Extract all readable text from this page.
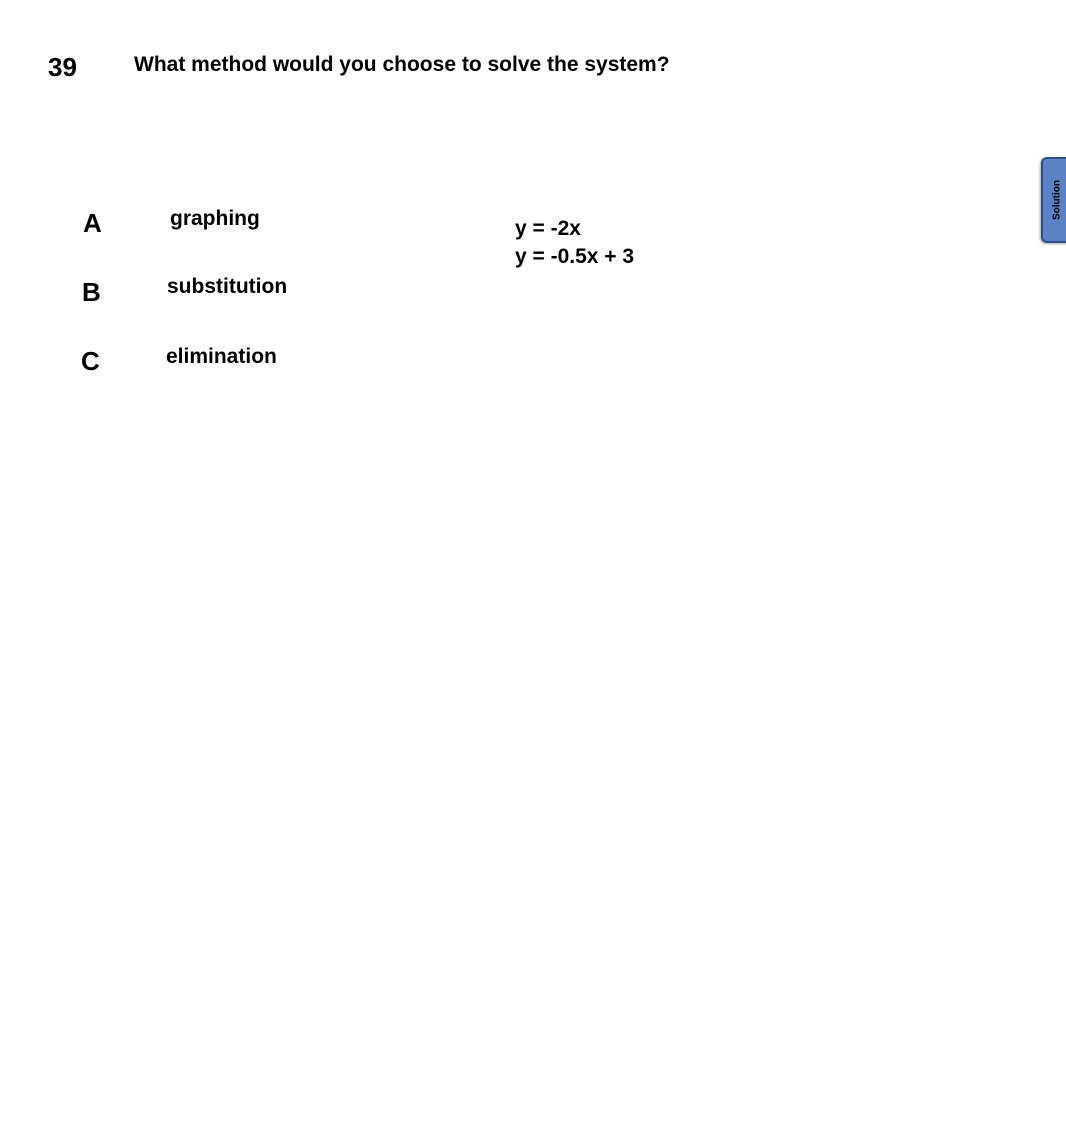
39	What method would you choose to solve the system?
A	graphing
B	substitution
C	elimination
y = -2x
y = -0.5x + 3
Solution
